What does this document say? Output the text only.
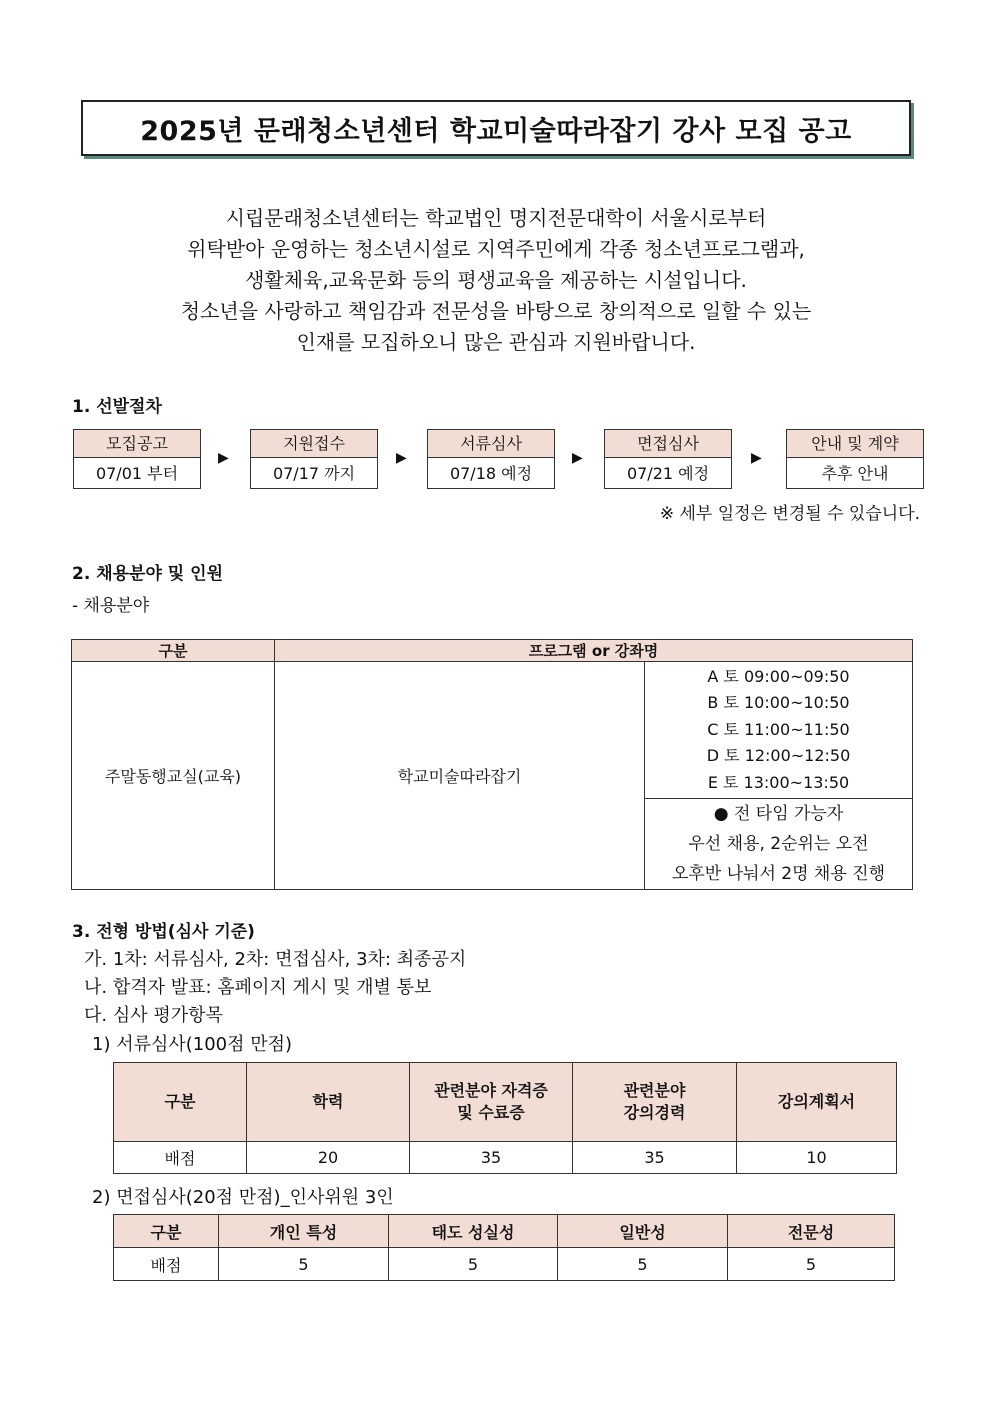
2025년 문래청소년센터 학교미술따라잡기 강사 모집 공고
시립문래청소년센터는 학교법인 명지전문대학이 서울시로부터
위탁받아 운영하는 청소년시설로 지역주민에게 각종 청소년프로그램과,
생활체육,교육문화 등의 평생교육을 제공하는 시설입니다.
청소년을 사랑하고 책임감과 전문성을 바탕으로 창의적으로 일할 수 있는
인재를 모집하오니 많은 관심과 지원바랍니다.
1. 선발절차
모집공고
07/01 부터
▶
지원접수
07/17 까지
▶
서류심사
07/18 예정
▶
면접심사
07/21 예정
▶
안내 및 계약
추후 안내
※ 세부 일정은 변경될 수 있습니다.
2. 채용분야 및 인원
- 채용분야
구분	프로그램 or 강좌명	
주말동행교실(교육)	학교미술따라잡기	A 토 09:00~09:50
B 토 10:00~10:50
C 토 11:00~11:50
D 토 12:00~12:50
E 토 13:00~13:50

		● 전 타임 가능자
우선 채용, 2순위는 오전
오후반 나눠서 2명 채용 진행
3. 전형 방법(심사 기준)
가. 1차: 서류심사, 2차: 면접심사, 3차: 최종공지
나. 합격자 발표: 홈페이지 게시 및 개별 통보
다. 심사 평가항목
1) 서류심사(100점 만점)
구분	학력	관련분야 자격증
및 수료증	관련분야
강의경력	강의계획서
배점	20	35	35	10
2) 면접심사(20점 만점)_인사위원 3인
구분	개인 특성	태도 성실성	일반성	전문성
배점	5	5	5	5
